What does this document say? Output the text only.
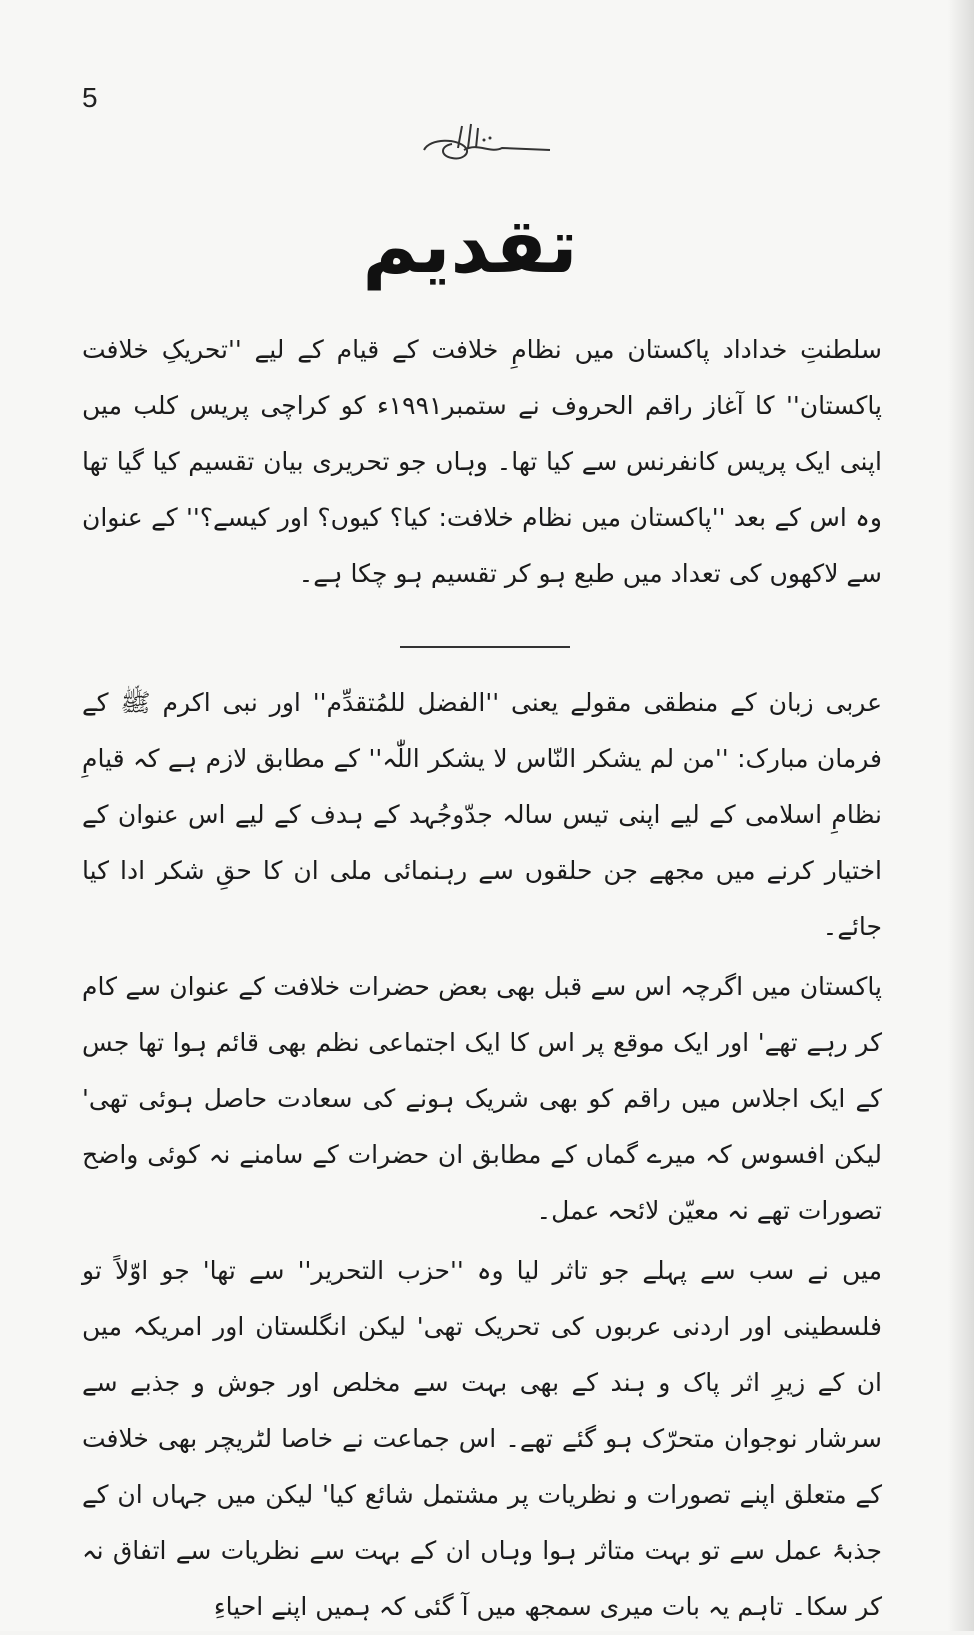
5
تقدیم

سلطنتِ خداداد پاکستان میں نظامِ خلافت کے قیام کے لیے ''تحریکِ خلافت پاکستان'' کا آغاز راقم الحروف نے ستمبر۱۹۹۱ء کو کراچی پریس کلب میں اپنی ایک پریس کانفرنس سے کیا تھا۔ وہاں جو تحریری بیان تقسیم کیا گیا تھا وہ اس کے بعد ''پاکستان میں نظام خلافت: کیا؟ کیوں؟ اور کیسے؟'' کے عنوان سے لاکھوں کی تعداد میں طبع ہو کر تقسیم ہو چکا ہے۔

عربی زبان کے منطقی مقولے یعنی ''الفضل للمُتقدِّم'' اور نبی اکرم ﷺ کے فرمان مبارک: ''من لم یشکر النّاس لا یشکر اللّٰہ'' کے مطابق لازم ہے کہ قیامِ نظامِ اسلامی کے لیے اپنی تیس سالہ جدّوجُہد کے ہدف کے لیے اس عنوان کے اختیار کرنے میں مجھے جن حلقوں سے رہنمائی ملی ان کا حقِ شکر ادا کیا جائے۔

پاکستان میں اگرچہ اس سے قبل بھی بعض حضرات خلافت کے عنوان سے کام کر رہے تھے' اور ایک موقع پر اس کا ایک اجتماعی نظم بھی قائم ہوا تھا جس کے ایک اجلاس میں راقم کو بھی شریک ہونے کی سعادت حاصل ہوئی تھی' لیکن افسوس کہ میرے گماں کے مطابق ان حضرات کے سامنے نہ کوئی واضح تصورات تھے نہ معیّن لائحہ عمل۔

میں نے سب سے پہلے جو تاثر لیا وہ ''حزب التحریر'' سے تھا' جو اوّلاً تو فلسطینی اور اردنی عربوں کی تحریک تھی' لیکن انگلستان اور امریکہ میں ان کے زیرِ اثر پاک و ہند کے بھی بہت سے مخلص اور جوش و جذبے سے سرشار نوجوان متحرّک ہو گئے تھے۔ اس جماعت نے خاصا لٹریچر بھی خلافت کے متعلق اپنے تصورات و نظریات پر مشتمل شائع کیا' لیکن میں جہاں ان کے جذبۂ عمل سے تو بہت متاثر ہوا وہاں ان کے بہت سے نظریات سے اتفاق نہ کر سکا۔ تاہم یہ بات میری سمجھ میں آ گئی کہ ہمیں اپنے احیاءِ
